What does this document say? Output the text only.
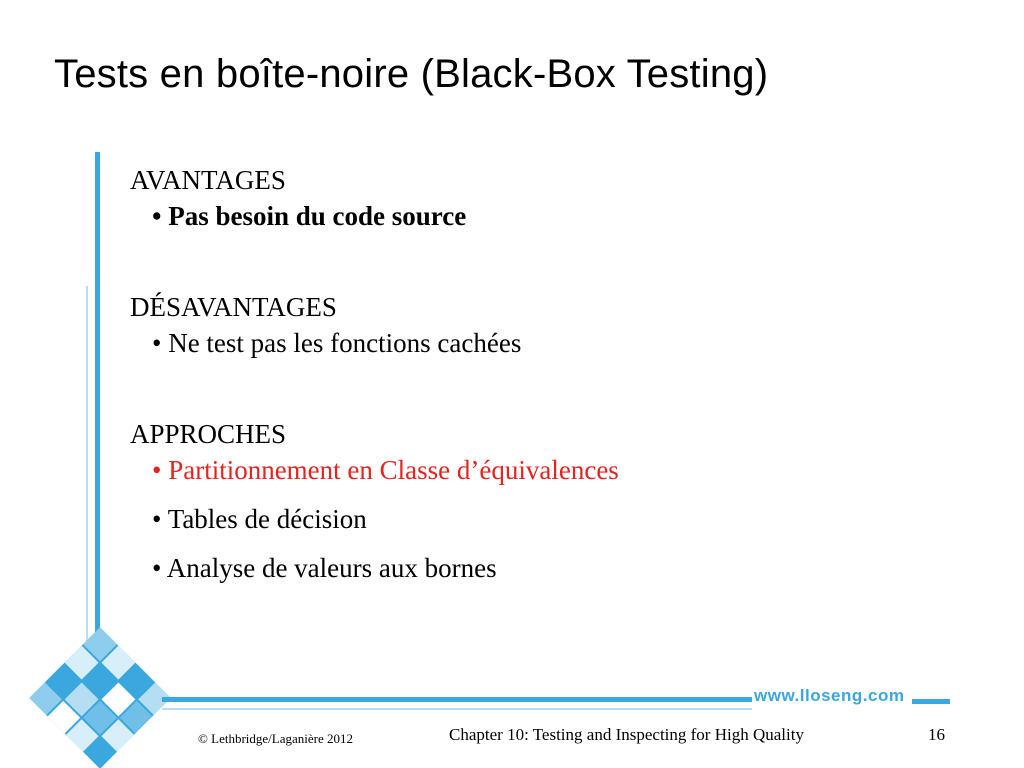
Tests en boîte-noire (Black-Box Testing)

AVANTAGES

• Pas besoin du code source

DÉSAVANTAGES

• Ne test pas les fonctions cachées

APPROCHES

• Partitionnement en Classe d’équivalences

• Tables de décision

• Analyse de valeurs aux bornes

www.lloseng.com
© Lethbridge/Laganière 2012	Chapter 10: Testing and Inspecting for High Quality	16
